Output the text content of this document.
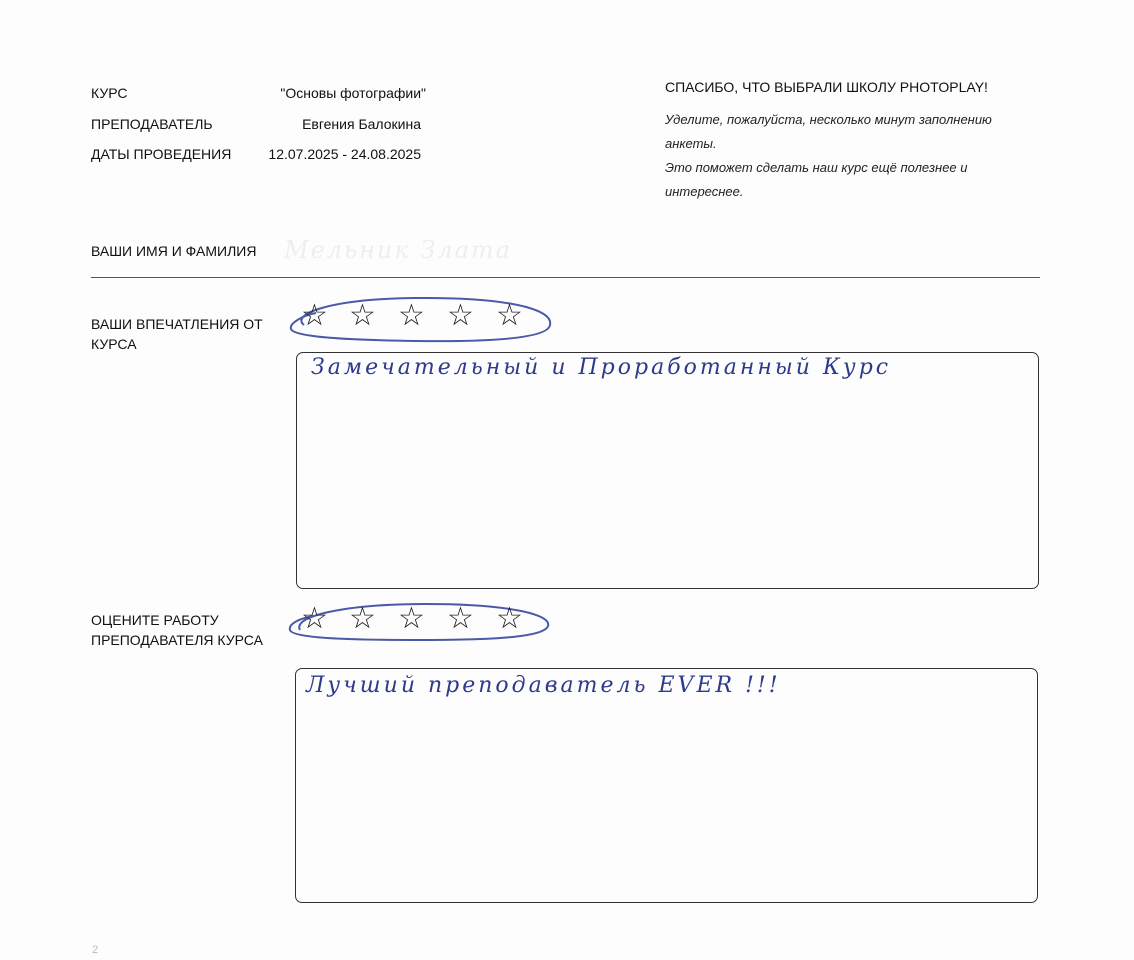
КУРС	"Основы фотографии"
ПРЕПОДАВАТЕЛЬ	Евгения Балокина
ДАТЫ ПРОВЕДЕНИЯ	12.07.2025 - 24.08.2025
СПАСИБО, ЧТО ВЫБРАЛИ ШКОЛУ PHOTOPLAY!

Уделите, пожалуйста, несколько минут заполнению анкеты.

Это поможет сделать наш курс ещё полезнее и интереснее.

ВАШИ ИМЯ И ФАМИЛИЯ Мельник Злата
ВАШИ ВПЕЧАТЛЕНИЯ ОТ КУРСА
☆ ☆ ☆ ☆ ☆
Замечательный и Проработанный Курс
ОЦЕНИТЕ РАБОТУ ПРЕПОДАВАТЕЛЯ КУРСА
☆ ☆ ☆ ☆ ☆
Лучший преподаватель EVER !!!
2
